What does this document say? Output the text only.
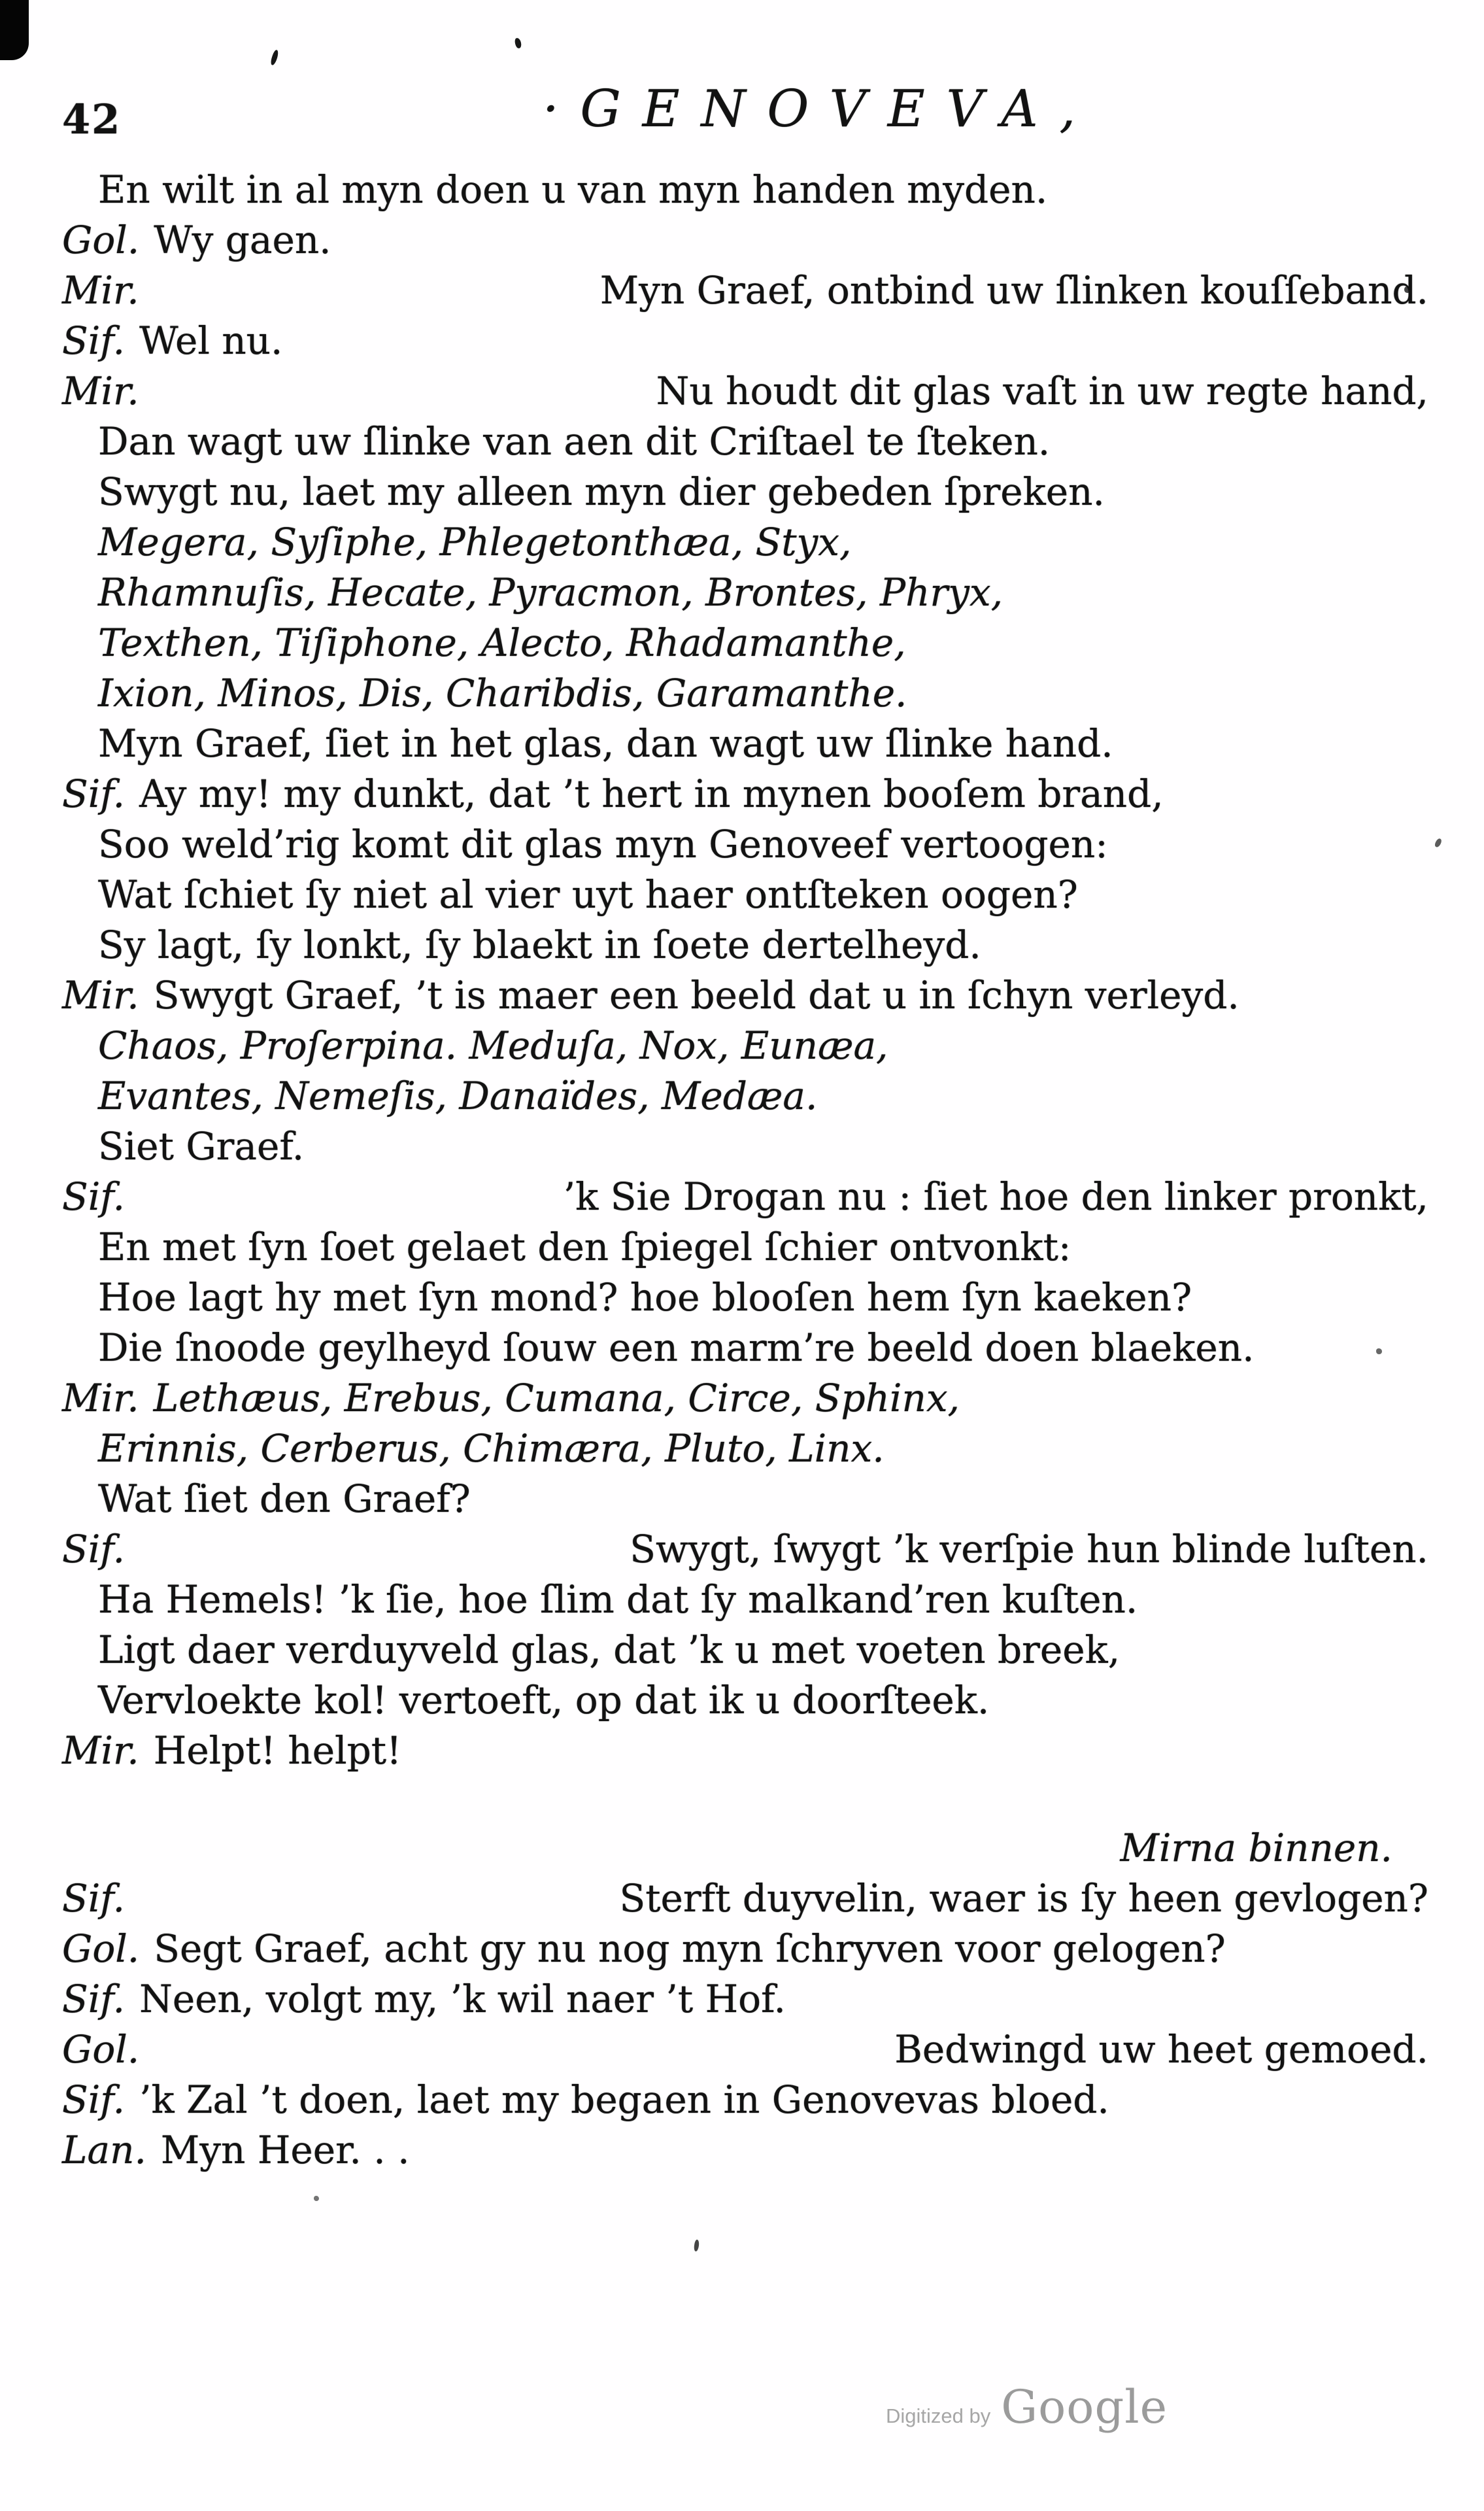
42	·GENOVEVA,
En wilt in al myn doen u van myn handen myden.
Gol. Wy gaen.
Mir.	Myn Graef, ontbind uw ſlinken kouſſeband.
Sif. Wel nu.
Mir.	Nu houdt dit glas vaſt in uw regte hand,
Dan wagt uw ſlinke van aen dit Criſtael te ſteken.
Swygt nu, laet my alleen myn dier gebeden ſpreken.
Megera, Syſiphe, Phlegetonthæa, Styx,
Rhamnuſis, Hecate, Pyracmon, Brontes, Phryx,
Texthen, Tiſiphone, Alecto, Rhadamanthe,
Ixion, Minos, Dis, Charibdis, Garamanthe.
Myn Graef, ſiet in het glas, dan wagt uw ſlinke hand.
Sif. Ay my! my dunkt, dat ’t hert in mynen booſem brand,
Soo weld’rig komt dit glas myn Genoveef vertoogen:
Wat ſchiet ſy niet al vier uyt haer ontſteken oogen?
Sy lagt, ſy lonkt, ſy blaekt in ſoete dertelheyd.
Mir. Swygt Graef, ’t is maer een beeld dat u in ſchyn verleyd.
Chaos, Proſerpina. Meduſa, Nox, Eunæa,
Evantes, Nemeſis, Danaïdes, Medæa.
Siet Graef.
Sif.	’k Sie Drogan nu : ſiet hoe den linker pronkt,
En met ſyn ſoet gelaet den ſpiegel ſchier ontvonkt:
Hoe lagt hy met ſyn mond? hoe blooſen hem ſyn kaeken?
Die ſnoode geylheyd ſouw een marm’re beeld doen blaeken.
Mir. Lethæus, Erebus, Cumana, Circe, Sphinx,
Erinnis, Cerberus, Chimæra, Pluto, Linx.
Wat ſiet den Graef?
Sif.	Swygt, ſwygt ’k verſpie hun blinde luſten.
Ha Hemels! ’k ſie, hoe ſlim dat ſy malkand’ren kuſten.
Ligt daer verduyveld glas, dat ’k u met voeten breek,
Vervloekte kol! vertoeft, op dat ik u doorſteek.
Mir. Helpt! helpt!
Mirna binnen.
Sif.	Sterft duyvelin, waer is ſy heen gevlogen?
Gol. Segt Graef, acht gy nu nog myn ſchryven voor gelogen?
Sif. Neen, volgt my, ’k wil naer ’t Hof.
Gol.	Bedwingd uw heet gemoed.
Sif. ’k Zal ’t doen, laet my begaen in Genovevas bloed.
Lan. Myn Heer. . .
Digitized by Google
